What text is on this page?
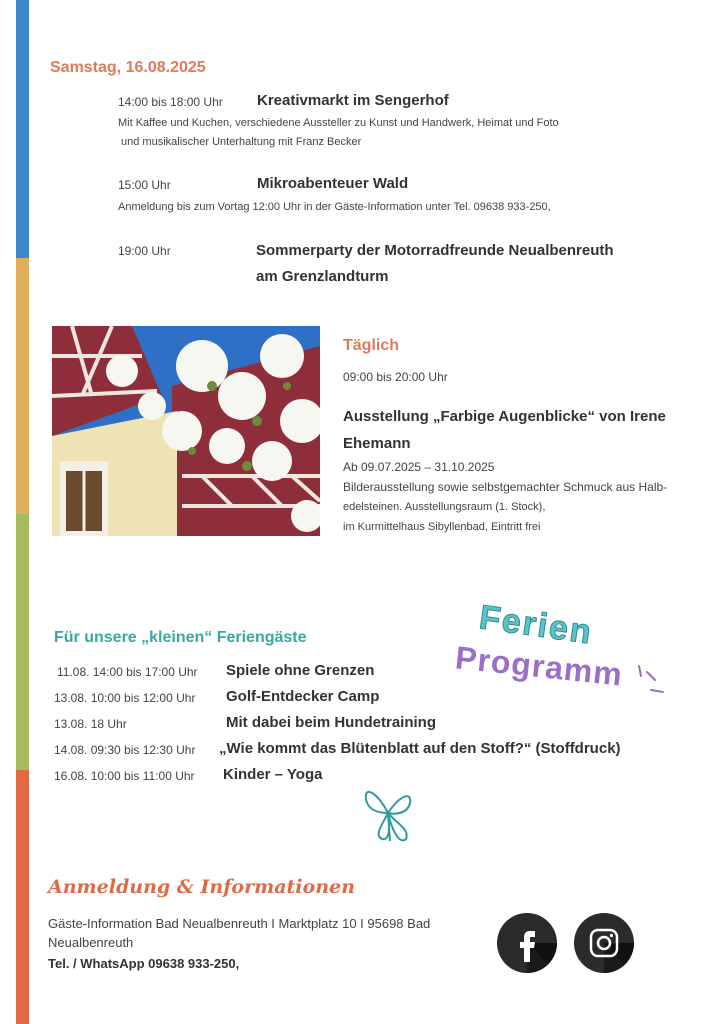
Samstag, 16.08.2025
14:00 bis 18:00 Uhr Kreativmarkt im Sengerhof
Mit Kaffee und Kuchen, verschiedene Aussteller zu Kunst und Handwerk, Heimat und Foto
und musikalischer Unterhaltung mit Franz Becker
15:00 Uhr	Mikroabenteuer Wald
Anmeldung bis zum Vortag 12:00 Uhr in der Gäste-Information unter Tel. 09638 933-250,
19:00 Uhr	Sommerparty der Motorradfreunde Neualbenreuth
am Grenzlandturm
Täglich
09:00 bis 20:00 Uhr
Ausstellung „Farbige Augenblicke“ von Irene
Ehemann
Ab 09.07.2025 – 31.10.2025
Bilderausstellung sowie selbstgemachter Schmuck aus Halb-
edelsteinen. Ausstellungsraum (1. Stock),
im Kurmittelhaus Sibyllenbad, Eintritt frei
Für unsere „kleinen“ Feriengäste	Ferien
Programm
11.08. 14:00 bis 17:00 Uhr Spiele ohne Grenzen
13.08. 10:00 bis 12:00 Uhr Golf-Entdecker Camp
13.08. 18 Uhr	Mit dabei beim Hundetraining
14.08. 09:30 bis 12:30 Uhr „Wie kommt das Blütenblatt auf den Stoff?“ (Stoffdruck)
16.08. 10:00 bis 11:00 Uhr Kinder – Yoga
Anmeldung & Informationen
Gäste-Information Bad Neualbenreuth I Marktplatz 10 I 95698 Bad
Neualbenreuth
Tel. / WhatsApp 09638 933-250,
